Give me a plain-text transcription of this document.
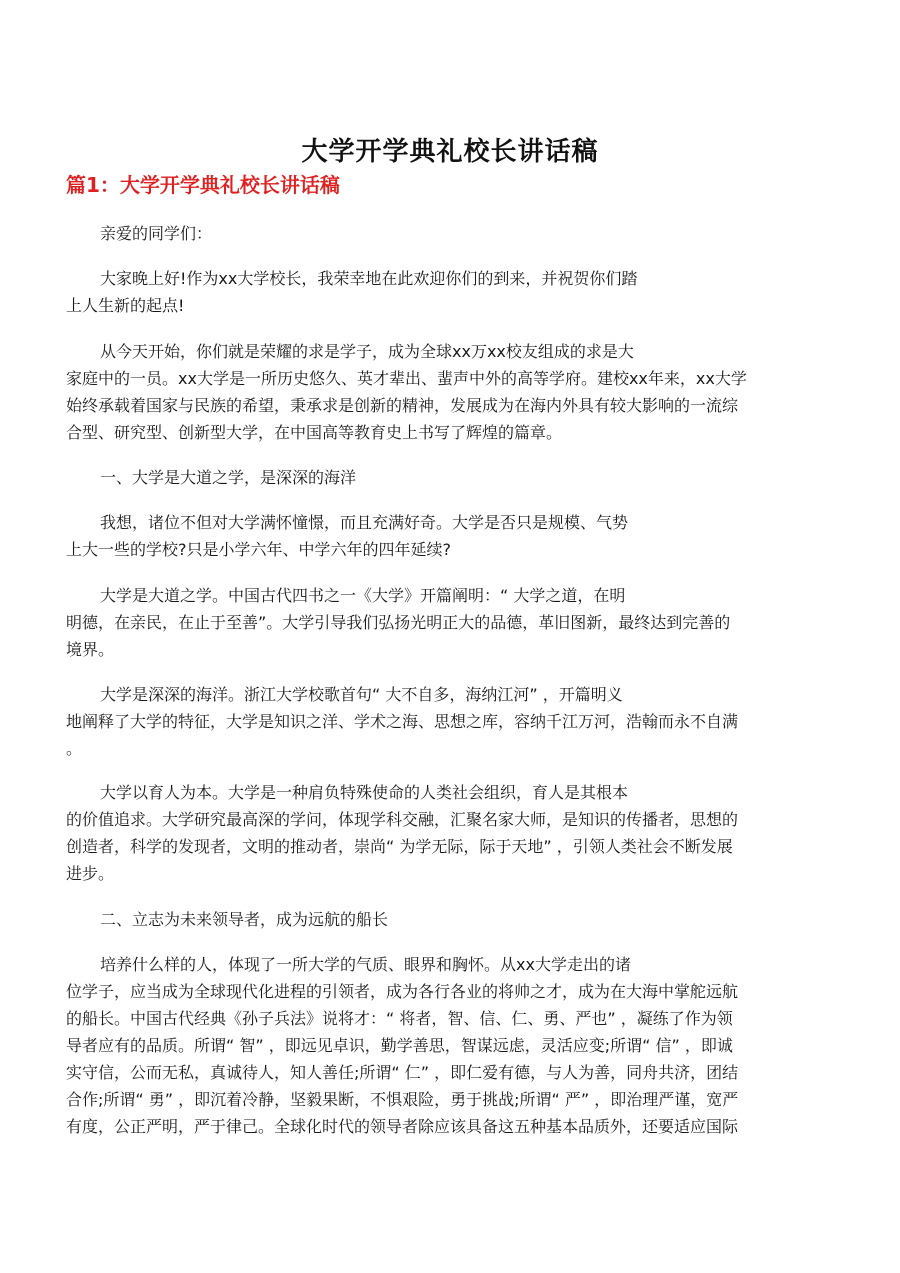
大学开学典礼校长讲话稿
篇1：大学开学典礼校长讲话稿
亲爱的同学们：
大家晚上好!作为xx大学校长，我荣幸地在此欢迎你们的到来，并祝贺你们踏
上人生新的起点!
从今天开始，你们就是荣耀的求是学子，成为全球xx万xx校友组成的求是大
家庭中的一员。xx大学是一所历史悠久、英才辈出、蜚声中外的高等学府。建校xx年来，xx大学
始终承载着国家与民族的希望，秉承求是创新的精神，发展成为在海内外具有较大影响的一流综
合型、研究型、创新型大学，在中国高等教育史上书写了辉煌的篇章。
一、大学是大道之学，是深深的海洋
我想，诸位不但对大学满怀憧憬，而且充满好奇。大学是否只是规模、气势
上大一些的学校?只是小学六年、中学六年的四年延续?
大学是大道之学。中国古代四书之一《大学》开篇阐明：“ 大学之道，在明
明德，在亲民，在止于至善”。大学引导我们弘扬光明正大的品德，革旧图新，最终达到完善的
境界。
大学是深深的海洋。浙江大学校歌首句“ 大不自多，海纳江河” ，开篇明义
地阐释了大学的特征，大学是知识之洋、学术之海、思想之库，容纳千江万河，浩翰而永不自满
。
大学以育人为本。大学是一种肩负特殊使命的人类社会组织，育人是其根本
的价值追求。大学研究最高深的学问，体现学科交融，汇聚名家大师，是知识的传播者，思想的
创造者，科学的发现者，文明的推动者，崇尚“ 为学无际，际于天地” ，引领人类社会不断发展
进步。
二、立志为未来领导者，成为远航的船长
培养什么样的人，体现了一所大学的气质、眼界和胸怀。从xx大学走出的诸
位学子，应当成为全球现代化进程的引领者，成为各行各业的将帅之才，成为在大海中掌舵远航
的船长。中国古代经典《孙子兵法》说将才：“ 将者，智、信、仁、勇、严也” ，凝练了作为领
导者应有的品质。所谓“ 智” ，即远见卓识，勤学善思，智谋远虑，灵活应变;所谓“ 信” ，即诚
实守信，公而无私，真诚待人，知人善任;所谓“ 仁” ，即仁爱有德，与人为善，同舟共济，团结
合作;所谓“ 勇” ，即沉着冷静，坚毅果断，不惧艰险，勇于挑战;所谓“ 严” ，即治理严谨，宽严
有度，公正严明，严于律己。全球化时代的领导者除应该具备这五种基本品质外，还要适应国际
